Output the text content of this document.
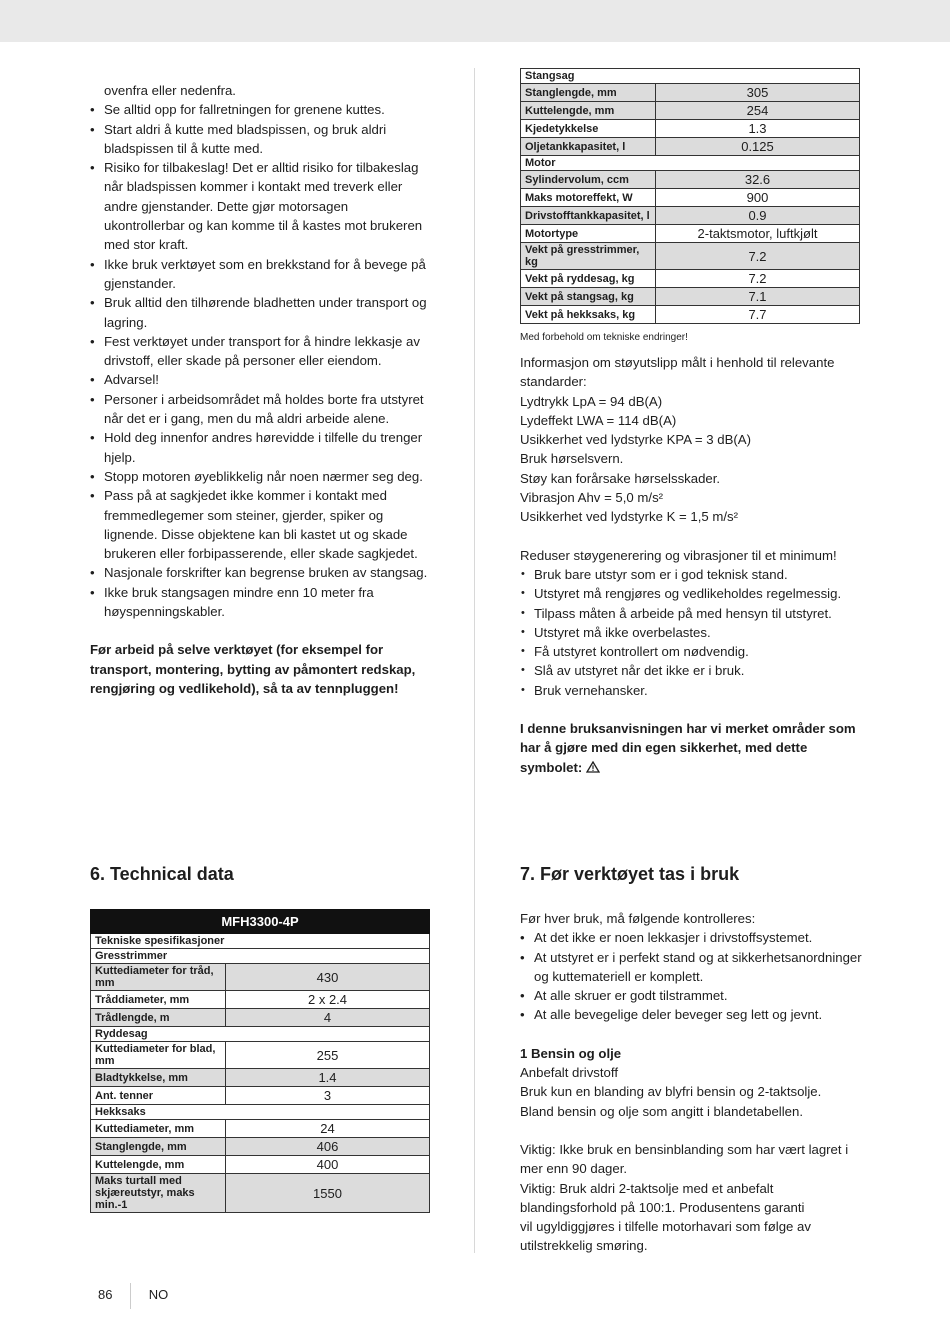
ovenfra eller nedenfra.
• Se alltid opp for fallretningen for grenene kuttes.
• Start aldri å kutte med bladspissen, og bruk aldri bladspissen til å kutte med.
• Risiko for tilbakeslag! Det er alltid risiko for tilbakeslag når bladspissen kommer i kontakt med treverk eller andre gjenstander. Dette gjør motorsagen ukontrollerbar og kan komme til å kastes mot brukeren med stor kraft.
• Ikke bruk verktøyet som en brekkstand for å bevege på gjenstander.
• Bruk alltid den tilhørende bladhetten under transport og lagring.
• Fest verktøyet under transport for å hindre lekkasje av drivstoff, eller skade på personer eller eiendom.
• Advarsel!
• Personer i arbeidsområdet må holdes borte fra utstyret når det er i gang, men du må aldri arbeide alene.
• Hold deg innenfor andres hørevidde i tilfelle du trenger hjelp.
• Stopp motoren øyeblikkelig når noen nærmer seg deg.
• Pass på at sagkjedet ikke kommer i kontakt med fremmedlegemer som steiner, gjerder, spiker og lignende. Disse objektene kan bli kastet ut og skade brukeren eller forbipasserende, eller skade sagkjedet.
• Nasjonale forskrifter kan begrense bruken av stangsag.
• Ikke bruk stangsagen mindre enn 10 meter fra høyspenningskabler.
Før arbeid på selve verktøyet (for eksempel for transport, montering, bytting av påmontert redskap, rengjøring og vedlikehold), så ta av tennpluggen!
Stangsag	
Stanglengde, mm	305
Kuttelengde, mm	254
Kjedetykkelse	1.3
Oljetankkapasitet, l	0.125
Motor	
Sylindervolum, ccm	32.6
Maks motoreffekt, W	900
Drivstofftankkapasitet, l	0.9
Motortype	2-taktsmotor, luftkjølt
Vekt på gresstrimmer, kg	7.2
Vekt på ryddesag, kg	7.2
Vekt på stangsag, kg	7.1
Vekt på hekksaks, kg	7.7
Med forbehold om tekniske endringer!
Informasjon om støyutslipp målt i henhold til relevante standarder:
Lydtrykk LpA = 94 dB(A)
Lydeffekt LWA = 114 dB(A)
Usikkerhet ved lydstyrke KPA = 3 dB(A)
Bruk hørselsvern.
Støy kan forårsake hørselsskader.
Vibrasjon Ahv = 5,0 m/s²
Usikkerhet ved lydstyrke K = 1,5 m/s²
Reduser støygenerering og vibrasjoner til et minimum!
• Bruk bare utstyr som er i god teknisk stand.
• Utstyret må rengjøres og vedlikeholdes regelmessig.
• Tilpass måten å arbeide på med hensyn til utstyret.
• Utstyret må ikke overbelastes.
• Få utstyret kontrollert om nødvendig.
• Slå av utstyret når det ikke er i bruk.
• Bruk vernehansker.
I denne bruksanvisningen har vi merket områder som har å gjøre med din egen sikkerhet, med dette symbolet:
6. Technical data
MFH3300-4P	
Tekniske spesifikasjoner	
Gresstrimmer	
Kuttediameter for tråd, mm	430
Tråddiameter, mm	2 x 2.4
Trådlengde, m	4
Ryddesag	
Kuttediameter for blad, mm	255
Bladtykkelse, mm	1.4
Ant. tenner	3
Hekksaks	
Kuttediameter, mm	24
Stanglengde, mm	406
Kuttelengde, mm	400
Maks turtall med skjæreutstyr, maks min.-1	1550
7. Før verktøyet tas i bruk
Før hver bruk, må følgende kontrolleres:
• At det ikke er noen lekkasjer i drivstoffsystemet.
• At utstyret er i perfekt stand og at sikkerhetsanordninger og kuttemateriell er komplett.
• At alle skruer er godt tilstrammet.
• At alle bevegelige deler beveger seg lett og jevnt.
1 Bensin og olje
Anbefalt drivstoff
Bruk kun en blanding av blyfri bensin og 2-taktsolje.
Bland bensin og olje som angitt i blandetabellen.
Viktig: Ikke bruk en bensinblanding som har vært lagret i mer enn 90 dager.
Viktig: Bruk aldri 2-taktsolje med et anbefalt blandingsforhold på 100:1. Produsentens garanti
vil ugyldiggjøres i tilfelle motorhavari som følge av utilstrekkelig smøring.
86	NO
